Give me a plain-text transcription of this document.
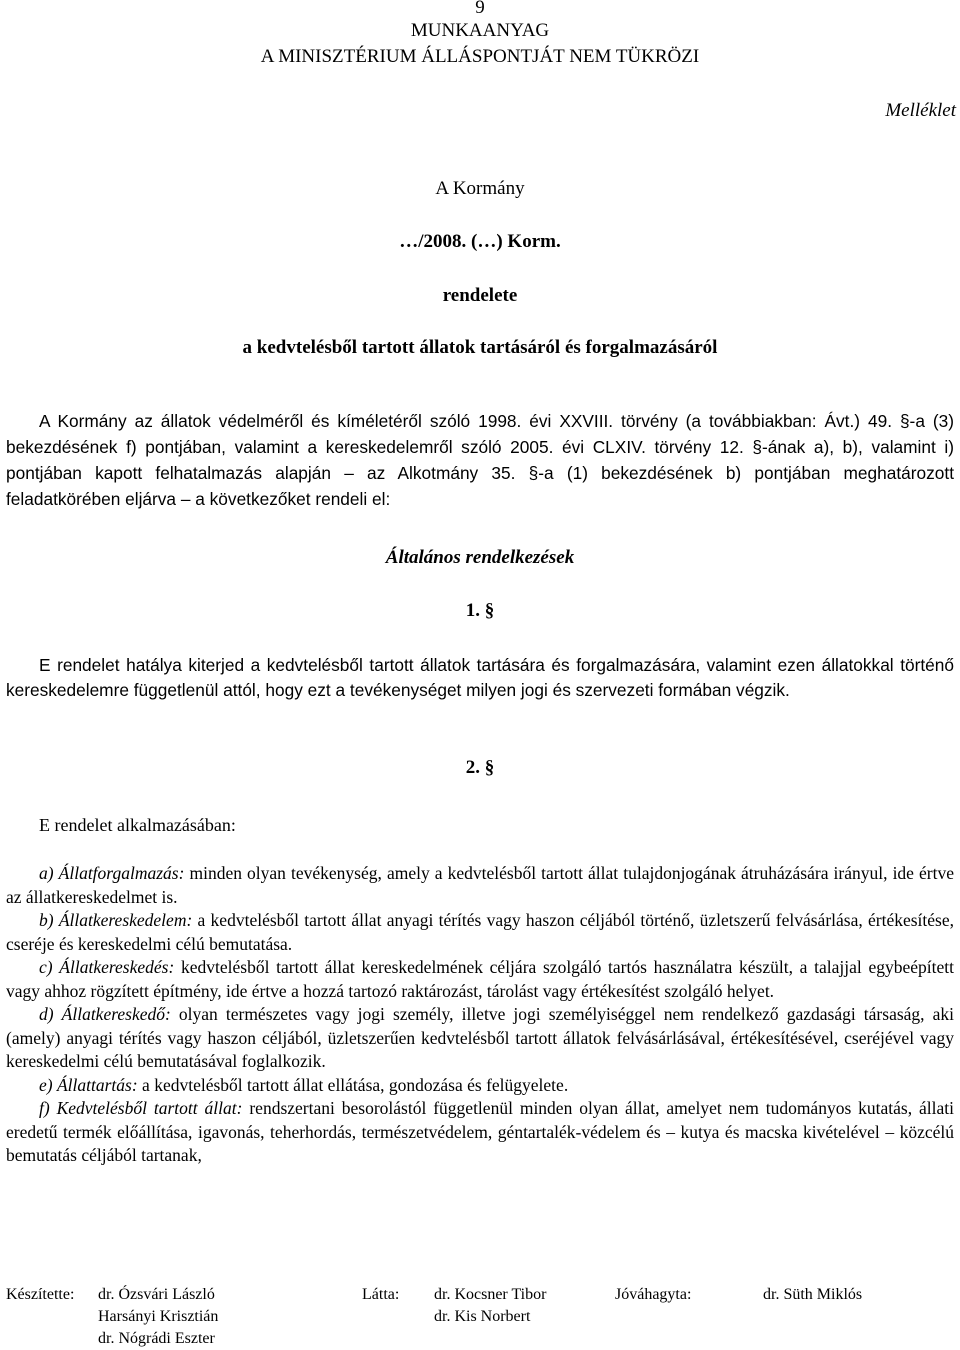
9
MUNKAANYAG
A MINISZTÉRIUM ÁLLÁSPONTJÁT NEM TÜKRÖZI
Melléklet
A Kormány
…/2008. (…) Korm.
rendelete
a kedvtelésből tartott állatok tartásáról és forgalmazásáról
A Kormány az állatok védelméről és kíméletéről szóló 1998. évi XXVIII. törvény (a továbbiakban: Ávt.) 49. §-a (3) bekezdésének f) pontjában, valamint a kereskedelemről szóló 2005. évi CLXIV. törvény 12. §-ának a), b), valamint i) pontjában kapott felhatalmazás alapján – az Alkotmány 35. §-a (1) bekezdésének b) pontjában meghatározott feladatkörében eljárva – a következőket rendeli el:
Általános rendelkezések
1. §
E rendelet hatálya kiterjed a kedvtelésből tartott állatok tartására és forgalmazására, valamint ezen állatokkal történő kereskedelemre függetlenül attól, hogy ezt a tevékenységet milyen jogi és szervezeti formában végzik.
2. §
E rendelet alkalmazásában:

a) Állatforgalmazás: minden olyan tevékenység, amely a kedvtelésből tartott állat tulajdonjogának átruházására irányul, ide értve az állatkereskedelmet is.

b) Állatkereskedelem: a kedvtelésből tartott állat anyagi térítés vagy haszon céljából történő, üzletszerű felvásárlása, értékesítése, cseréje és kereskedelmi célú bemutatása.

c) Állatkereskedés: kedvtelésből tartott állat kereskedelmének céljára szolgáló tartós használatra készült, a talajjal egybeépített vagy ahhoz rögzített építmény, ide értve a hozzá tartozó raktározást, tárolást vagy értékesítést szolgáló helyet.

d) Állatkereskedő: olyan természetes vagy jogi személy, illetve jogi személyiséggel nem rendelkező gazdasági társaság, aki (amely) anyagi térítés vagy haszon céljából, üzletszerűen kedvtelésből tartott állatok felvásárlásával, értékesítésével, cseréjével vagy kereskedelmi célú bemutatásával foglalkozik.

e) Állattartás: a kedvtelésből tartott állat ellátása, gondozása és felügyelete.

f) Kedvtelésből tartott állat: rendszertani besorolástól függetlenül minden olyan állat, amelyet nem tudományos kutatás, állati eredetű termék előállítása, igavonás, teherhordás, természetvédelem, géntartalék-védelem és – kutya és macska kivételével – közcélú bemutatás céljából tartanak,

Készítette: dr. Ózsvári László
Harsányi Krisztián
dr. Nógrádi Eszter
Látta: dr. Kocsner Tibor
dr. Kis Norbert
Jóváhagyta:	dr. Süth Miklós
